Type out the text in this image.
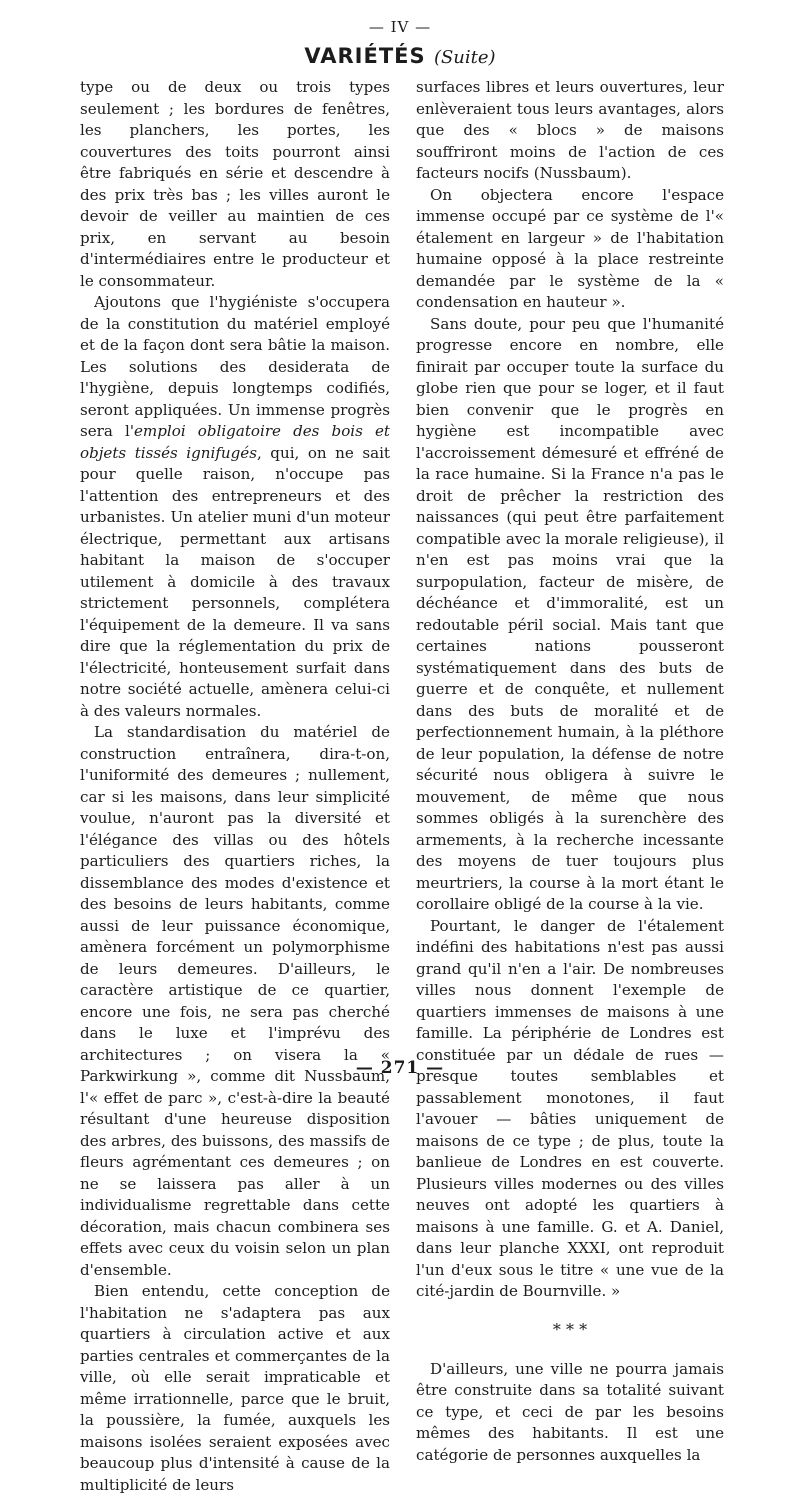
— IV —
VARIÉTÉS (Suite)

type ou de deux ou trois types seulement ; les bordures de fenêtres, les planchers, les portes, les couvertures des toits pourront ainsi être fabriqués en série et descendre à des prix très bas ; les villes auront le devoir de veiller au maintien de ces prix, en servant au besoin d'intermédiaires entre le producteur et le consommateur.

Ajoutons que l'hygiéniste s'occupera de la constitution du matériel employé et de la façon dont sera bâtie la maison. Les solutions des desiderata de l'hygiène, depuis longtemps codifiés, seront appliquées. Un immense progrès sera l'emploi obligatoire des bois et objets tissés ignifugés, qui, on ne sait pour quelle raison, n'occupe pas l'attention des entrepreneurs et des urbanistes. Un atelier muni d'un moteur électrique, permettant aux artisans habitant la maison de s'occuper utilement à domicile à des travaux strictement personnels, complétera l'équipement de la demeure. Il va sans dire que la réglementation du prix de l'électricité, honteusement surfait dans notre société actuelle, amènera celui-ci à des valeurs normales.

La standardisation du matériel de construction entraînera, dira-t-on, l'uniformité des demeures ; nullement, car si les maisons, dans leur simplicité voulue, n'auront pas la diversité et l'élégance des villas ou des hôtels particuliers des quartiers riches, la dissemblance des modes d'existence et des besoins de leurs habitants, comme aussi de leur puissance économique, amènera forcément un polymorphisme de leurs demeures. D'ailleurs, le caractère artistique de ce quartier, encore une fois, ne sera pas cherché dans le luxe et l'imprévu des architectures ; on visera la « Parkwirkung », comme dit Nussbaum, l'« effet de parc », c'est-à-dire la beauté résultant d'une heureuse disposition des arbres, des buissons, des massifs de fleurs agrémentant ces demeures ; on ne se laissera pas aller à un individualisme regrettable dans cette décoration, mais chacun combinera ses effets avec ceux du voisin selon un plan d'ensemble.

Bien entendu, cette conception de l'habitation ne s'adaptera pas aux quartiers à circulation active et aux parties centrales et commerçantes de la ville, où elle serait impraticable et même irrationnelle, parce que le bruit, la poussière, la fumée, auxquels les maisons isolées seraient exposées avec beaucoup plus d'intensité à cause de la multiplicité de leurs

surfaces libres et leurs ouvertures, leur enlèveraient tous leurs avantages, alors que des « blocs » de maisons souffriront moins de l'action de ces facteurs nocifs (Nussbaum).

On objectera encore l'espace immense occupé par ce système de l'« étalement en largeur » de l'habitation humaine opposé à la place restreinte demandée par le système de la « condensation en hauteur ».

Sans doute, pour peu que l'humanité progresse encore en nombre, elle finirait par occuper toute la surface du globe rien que pour se loger, et il faut bien convenir que le progrès en hygiène est incompatible avec l'accroissement démesuré et effréné de la race humaine. Si la France n'a pas le droit de prêcher la restriction des naissances (qui peut être parfaitement compatible avec la morale religieuse), il n'en est pas moins vrai que la surpopulation, facteur de misère, de déchéance et d'immoralité, est un redoutable péril social. Mais tant que certaines nations pousseront systématiquement dans des buts de guerre et de conquête, et nullement dans des buts de moralité et de perfectionnement humain, à la pléthore de leur population, la défense de notre sécurité nous obligera à suivre le mouvement, de même que nous sommes obligés à la surenchère des armements, à la recherche incessante des moyens de tuer toujours plus meurtriers, la course à la mort étant le corollaire obligé de la course à la vie.

Pourtant, le danger de l'étalement indéfini des habitations n'est pas aussi grand qu'il n'en a l'air. De nombreuses villes nous donnent l'exemple de quartiers immenses de maisons à une famille. La périphérie de Londres est constituée par un dédale de rues — presque toutes semblables et passablement monotones, il faut l'avouer — bâties uniquement de maisons de ce type ; de plus, toute la banlieue de Londres en est couverte. Plusieurs villes modernes ou des villes neuves ont adopté les quartiers à maisons à une famille. G. et A. Daniel, dans leur planche XXXI, ont reproduit l'un d'eux sous le titre « une vue de la cité-jardin de Bournville. »

* * *

D'ailleurs, une ville ne pourra jamais être construite dans sa totalité suivant ce type, et ceci de par les besoins mêmes des habitants. Il est une catégorie de personnes auxquelles la

— 271 —
